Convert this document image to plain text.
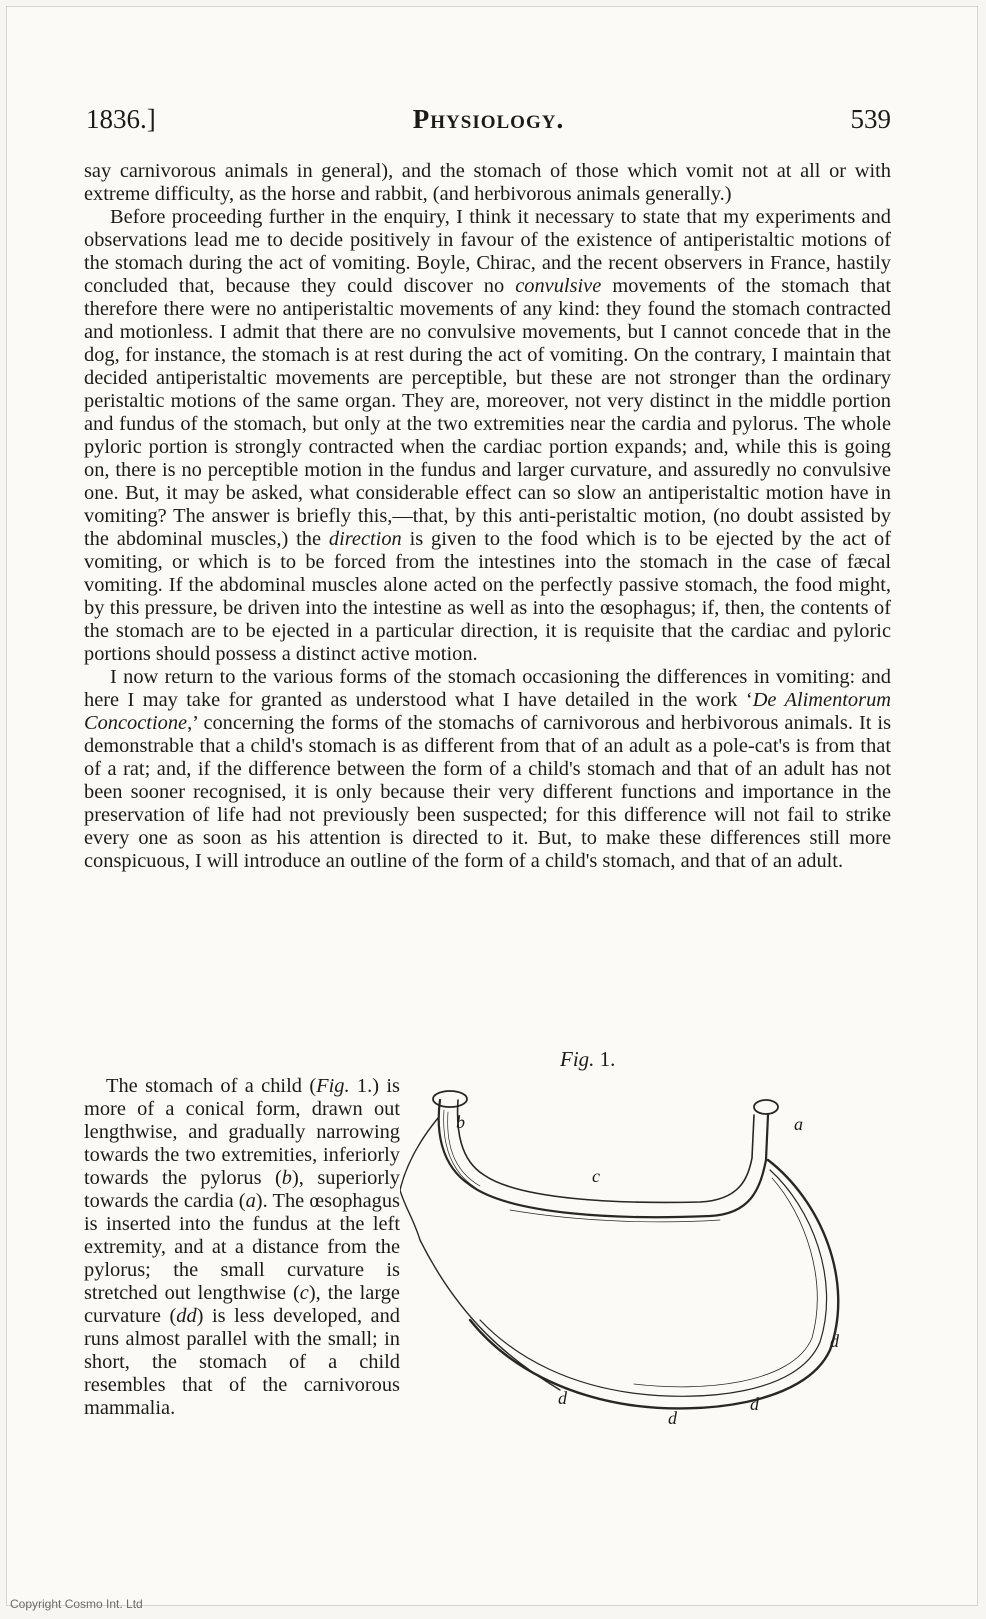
1836.]	Physiology.	539

say carnivorous animals in general), and the stomach of those which vomit not at all or with extreme difficulty, as the horse and rabbit, (and herbivorous animals generally.)

Before proceeding further in the enquiry, I think it necessary to state that my experiments and observations lead me to decide positively in favour of the existence of antiperistaltic motions of the stomach during the act of vomiting. Boyle, Chirac, and the recent observers in France, hastily concluded that, because they could discover no convulsive movements of the stomach that therefore there were no antiperistaltic movements of any kind: they found the stomach contracted and motionless. I admit that there are no convulsive movements, but I cannot concede that in the dog, for instance, the stomach is at rest during the act of vomiting. On the contrary, I maintain that decided antiperistaltic movements are perceptible, but these are not stronger than the ordinary peristaltic motions of the same organ. They are, moreover, not very distinct in the middle portion and fundus of the stomach, but only at the two extremities near the cardia and pylorus. The whole pyloric portion is strongly contracted when the cardiac portion expands; and, while this is going on, there is no perceptible motion in the fundus and larger curvature, and assuredly no convulsive one. But, it may be asked, what considerable effect can so slow an antiperistaltic motion have in vomiting? The answer is briefly this,—that, by this anti-peristaltic motion, (no doubt assisted by the abdominal muscles,) the direction is given to the food which is to be ejected by the act of vomiting, or which is to be forced from the intestines into the stomach in the case of fæcal vomiting. If the abdominal muscles alone acted on the perfectly passive stomach, the food might, by this pressure, be driven into the intestine as well as into the œsophagus; if, then, the contents of the stomach are to be ejected in a particular direction, it is requisite that the cardiac and pyloric portions should possess a distinct active motion.

I now return to the various forms of the stomach occasioning the differences in vomiting: and here I may take for granted as understood what I have detailed in the work ‘De Alimentorum Concoctione,’ concerning the forms of the stomachs of carnivorous and herbivorous animals. It is demonstrable that a child's stomach is as different from that of an adult as a pole-cat's is from that of a rat; and, if the difference between the form of a child's stomach and that of an adult has not been sooner recognised, it is only because their very different functions and importance in the preservation of life had not previously been suspected; for this difference will not fail to strike every one as soon as his attention is directed to it. But, to make these differences still more conspicuous, I will introduce an outline of the form of a child's stomach, and that of an adult.

Fig. 1.

The stomach of a child (Fig. 1.) is more of a conical form, drawn out lengthwise, and gradually narrowing towards the two extremities, inferiorly towards the pylorus (b), superiorly towards the cardia (a). The œsophagus is inserted into the fundus at the left extremity, and at a distance from the pylorus; the small curvature is stretched out lengthwise (c), the large curvature (dd) is less developed, and runs almost parallel with the small; in short, the stomach of a child resembles that of the carnivorous mammalia.

b	a
c
d
d
d
d
Copyright Cosmo Int. Ltd
